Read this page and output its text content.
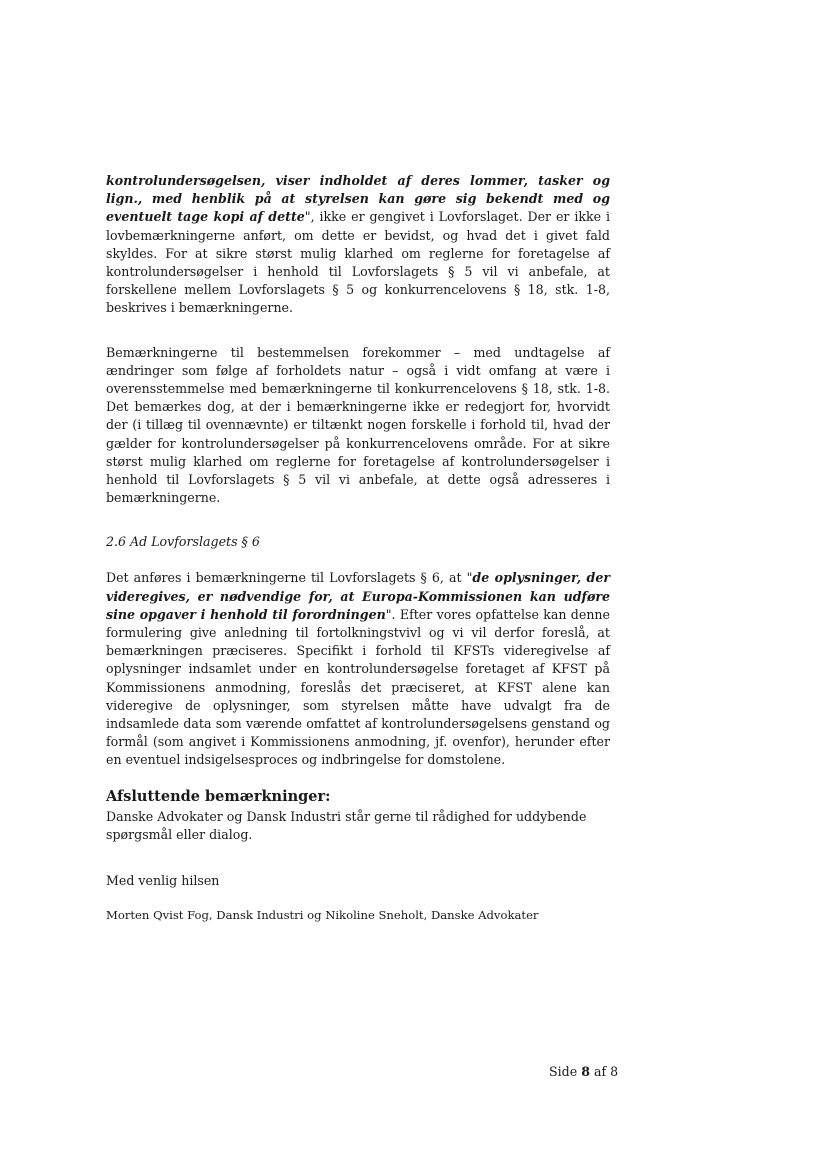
kontrolundersøgelsen, viser indholdet af deres lommer, tasker og lign., med henblik på at styrelsen kan gøre sig bekendt med og eventuelt tage kopi af dette", ikke er gengivet i Lovforslaget. Der er ikke i lovbemærkningerne anført, om dette er bevidst, og hvad det i givet fald skyldes. For at sikre størst mulig klarhed om reglerne for foretagelse af kontrolundersøgelser i henhold til Lovforslagets § 5 vil vi anbefale, at forskellene mellem Lovforslagets § 5 og konkurrencelovens § 18, stk. 1-8, beskrives i bemærkningerne.

Bemærkningerne til bestemmelsen forekommer – med undtagelse af ændringer som følge af forholdets natur – også i vidt omfang at være i overensstemmelse med bemærkningerne til konkurrencelovens § 18, stk. 1-8. Det bemærkes dog, at der i bemærkningerne ikke er redegjort for, hvorvidt der (i tillæg til ovennævnte) er tiltænkt nogen forskelle i forhold til, hvad der gælder for kontrolundersøgelser på konkurrencelovens område. For at sikre størst mulig klarhed om reglerne for foretagelse af kontrolundersøgelser i henhold til Lovforslagets § 5 vil vi anbefale, at dette også adresseres i bemærkningerne.

2.6 Ad Lovforslagets § 6

Det anføres i bemærkningerne til Lovforslagets § 6, at "de oplysninger, der videregives, er nødvendige for, at Europa-Kommissionen kan udføre sine opgaver i henhold til forordningen". Efter vores opfattelse kan denne formulering give anledning til fortolkningstvivl og vi vil derfor foreslå, at bemærkningen præciseres. Specifikt i forhold til KFSTs videregivelse af oplysninger indsamlet under en kontrolundersøgelse foretaget af KFST på Kommissionens anmodning, foreslås det præciseret, at KFST alene kan videregive de oplysninger, som styrelsen måtte have udvalgt fra de indsamlede data som værende omfattet af kontrolundersøgelsens genstand og formål (som angivet i Kommissionens anmodning, jf. ovenfor), herunder efter en eventuel indsigelsesproces og indbringelse for domstolene.

Afsluttende bemærkninger:

Danske Advokater og Dansk Industri står gerne til rådighed for uddybende spørgsmål eller dialog.

Med venlig hilsen

Morten Qvist Fog, Dansk Industri og Nikoline Sneholt, Danske Advokater

Side 8 af 8
